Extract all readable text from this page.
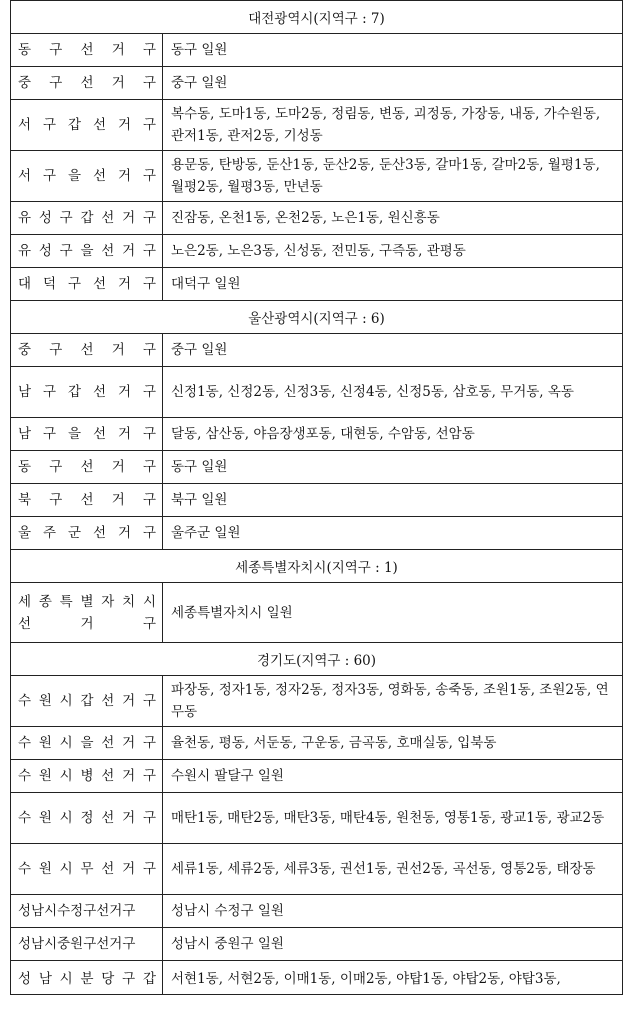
대전광역시(지역구 : 7)	

동 구 선 거 구	동구 일원

중 구 선 거 구	중구 일원

서 구 갑 선 거 구	복수동, 도마1동, 도마2동, 정림동, 변동, 괴정동, 가장동, 내동, 가수원동, 관저1동, 관저2동, 기성동

서 구 을 선 거 구	용문동, 탄방동, 둔산1동, 둔산2동, 둔산3동, 갈마1동, 갈마2동, 월평1동, 월평2동, 월평3동, 만년동

유 성 구 갑 선 거 구	진잠동, 온천1동, 온천2동, 노은1동, 원신흥동

유 성 구 을 선 거 구	노은2동, 노은3동, 신성동, 전민동, 구즉동, 관평동

대 덕 구 선 거 구	대덕구 일원
울산광역시(지역구 : 6)	

중 구 선 거 구	중구 일원

남 구 갑 선 거 구	신정1동, 신정2동, 신정3동, 신정4동, 신정5동, 삼호동, 무거동, 옥동

남 구 을 선 거 구	달동, 삼산동, 야음장생포동, 대현동, 수암동, 선암동

동 구 선 거 구	동구 일원

북 구 선 거 구	북구 일원

울 주 군 선 거 구	울주군 일원
세종특별자치시(지역구 : 1)	

세 종 특 별 자 치 시
선 거 구	세종특별자치시 일원
경기도(지역구 : 60)	

수 원 시 갑 선 거 구	파장동, 정자1동, 정자2동, 정자3동, 영화동, 송죽동, 조원1동, 조원2동, 연무동

수 원 시 을 선 거 구	율천동, 평동, 서둔동, 구운동, 금곡동, 호매실동, 입북동

수 원 시 병 선 거 구	수원시 팔달구 일원

수 원 시 정 선 거 구	매탄1동, 매탄2동, 매탄3동, 매탄4동, 원천동, 영통1동, 광교1동, 광교2동

수 원 시 무 선 거 구	세류1동, 세류2동, 세류3동, 권선1동, 권선2동, 곡선동, 영통2동, 태장동

성남시수정구선거구	성남시 수정구 일원

성남시중원구선거구	성남시 중원구 일원

성 남 시 분 당 구 갑	서현1동, 서현2동, 이매1동, 이매2동, 야탑1동, 야탑2동, 야탑3동,
